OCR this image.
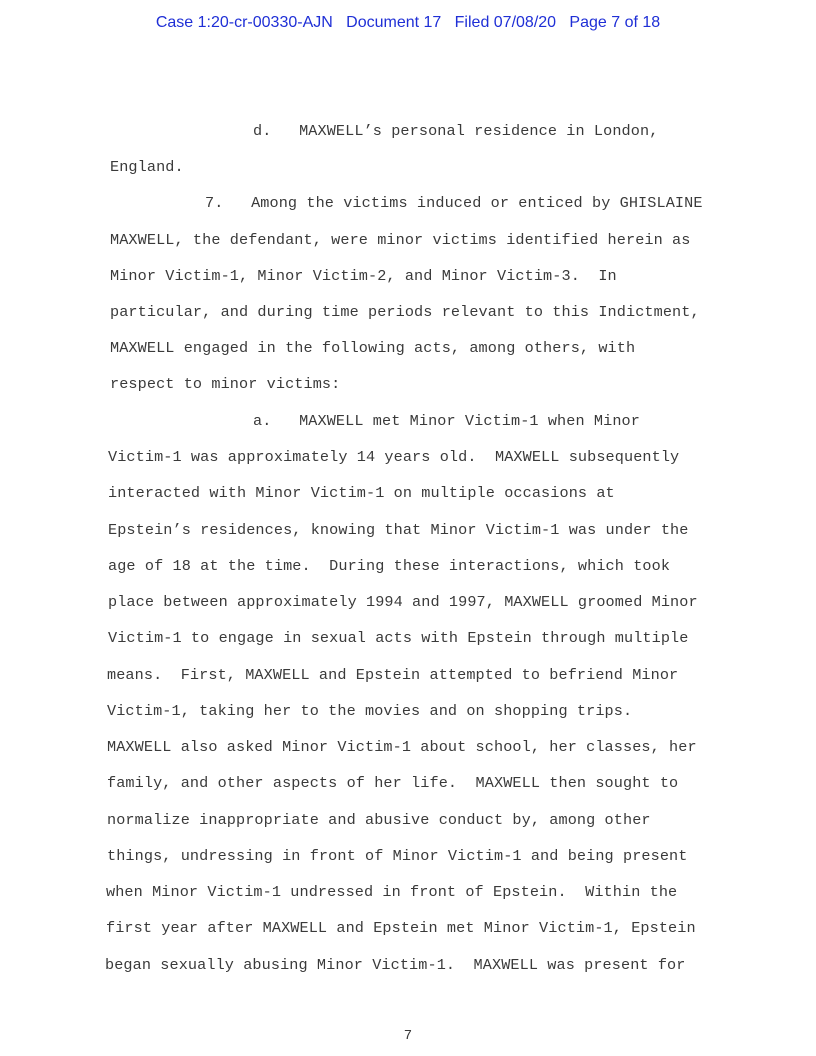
Case 1:20-cr-00330-AJN Document 17 Filed 07/08/20 Page 7 of 18
d.   MAXWELL’s personal residence in London,
England.
7.   Among the victims induced or enticed by GHISLAINE
MAXWELL, the defendant, were minor victims identified herein as
Minor Victim-1, Minor Victim-2, and Minor Victim-3.  In
particular, and during time periods relevant to this Indictment,
MAXWELL engaged in the following acts, among others, with
respect to minor victims:
a.   MAXWELL met Minor Victim-1 when Minor
Victim-1 was approximately 14 years old.  MAXWELL subsequently
interacted with Minor Victim-1 on multiple occasions at
Epstein’s residences, knowing that Minor Victim-1 was under the
age of 18 at the time.  During these interactions, which took
place between approximately 1994 and 1997, MAXWELL groomed Minor
Victim-1 to engage in sexual acts with Epstein through multiple
means.  First, MAXWELL and Epstein attempted to befriend Minor
Victim-1, taking her to the movies and on shopping trips.
MAXWELL also asked Minor Victim-1 about school, her classes, her
family, and other aspects of her life.  MAXWELL then sought to
normalize inappropriate and abusive conduct by, among other
things, undressing in front of Minor Victim-1 and being present
when Minor Victim-1 undressed in front of Epstein.  Within the
first year after MAXWELL and Epstein met Minor Victim-1, Epstein
began sexually abusing Minor Victim-1.  MAXWELL was present for
7
